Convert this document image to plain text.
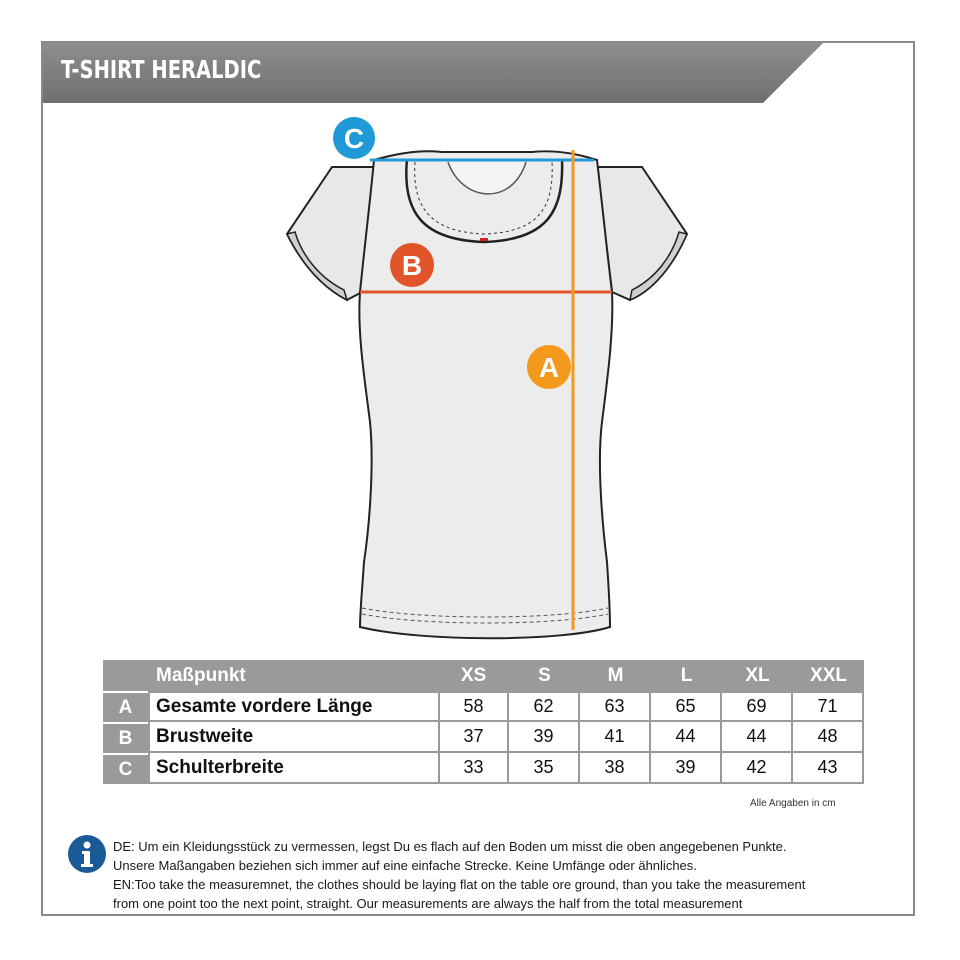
T-SHIRT HERALDIC
C
B
A
	Maßpunkt	XS	S	M	L	XL	XXL
A	Gesamte vordere Länge	58	62	63	65	69	71
B	Brustweite	37	39	41	44	44	48
C	Schulterbreite	33	35	38	39	42	43
Alle Angaben in cm
DE: Um ein Kleidungsstück zu vermessen, legst Du es flach auf den Boden um misst die oben angegebenen Punkte.
Unsere Maßangaben beziehen sich immer auf eine einfache Strecke. Keine Umfänge oder ähnliches.
EN:Too take the measuremnet, the clothes should be laying flat on the table ore ground, than you take the measurement
from one point too the next point, straight. Our measurements are always the half from the total measurement
